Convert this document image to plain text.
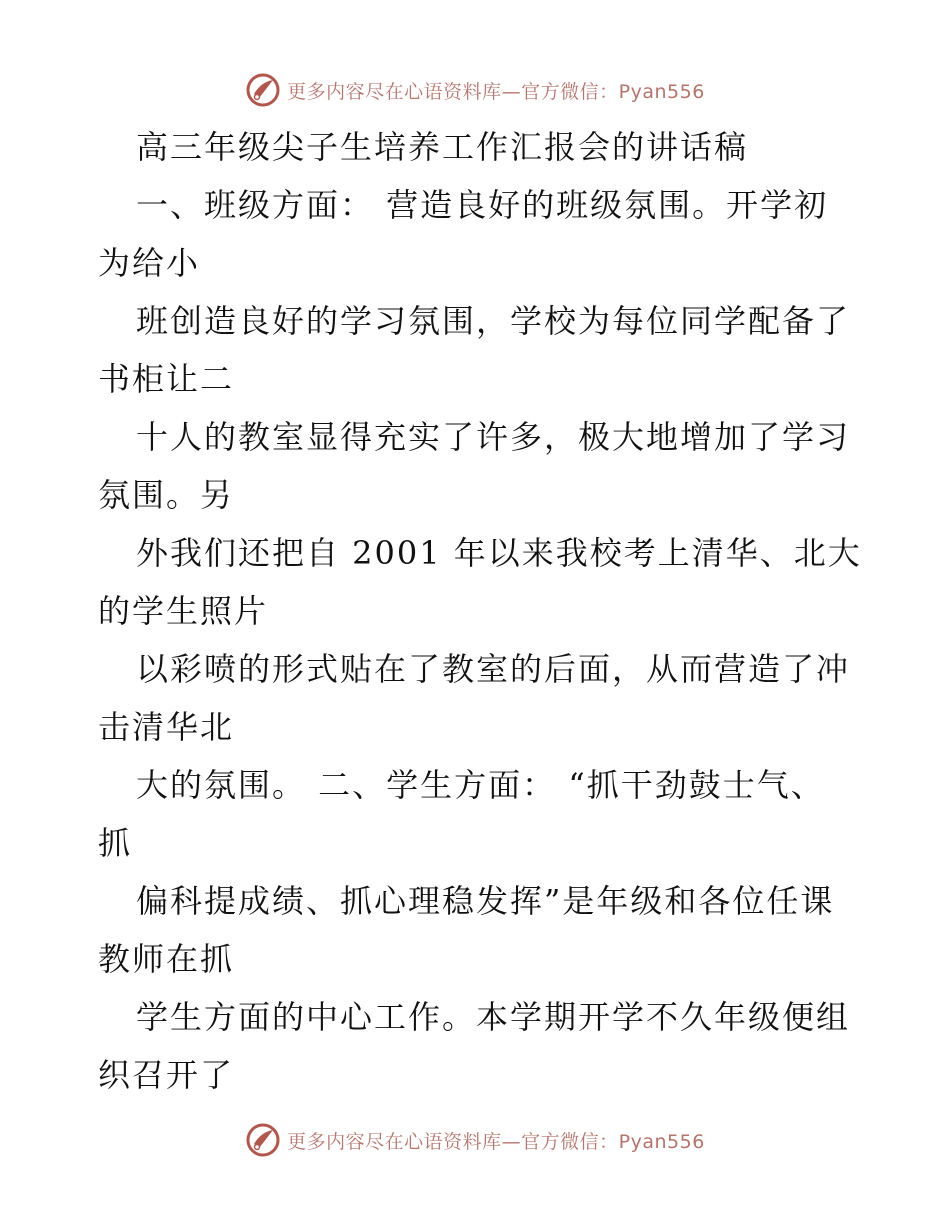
更多内容尽在心语资料库—官方微信：Pyan556
高三年级尖子生培养工作汇报会的讲话稿
一、班级方面： 营造良好的班级氛围。开学初
为给小
班创造良好的学习氛围，学校为每位同学配备了
书柜让二
十人的教室显得充实了许多，极大地增加了学习
氛围。另
外我们还把自 2001 年以来我校考上清华、北大
的学生照片
以彩喷的形式贴在了教室的后面，从而营造了冲
击清华北
大的氛围。 二、学生方面： “抓干劲鼓士气、
抓
偏科提成绩、抓心理稳发挥”是年级和各位任课
教师在抓
学生方面的中心工作。本学期开学不久年级便组
织召开了
更多内容尽在心语资料库—官方微信：Pyan556
